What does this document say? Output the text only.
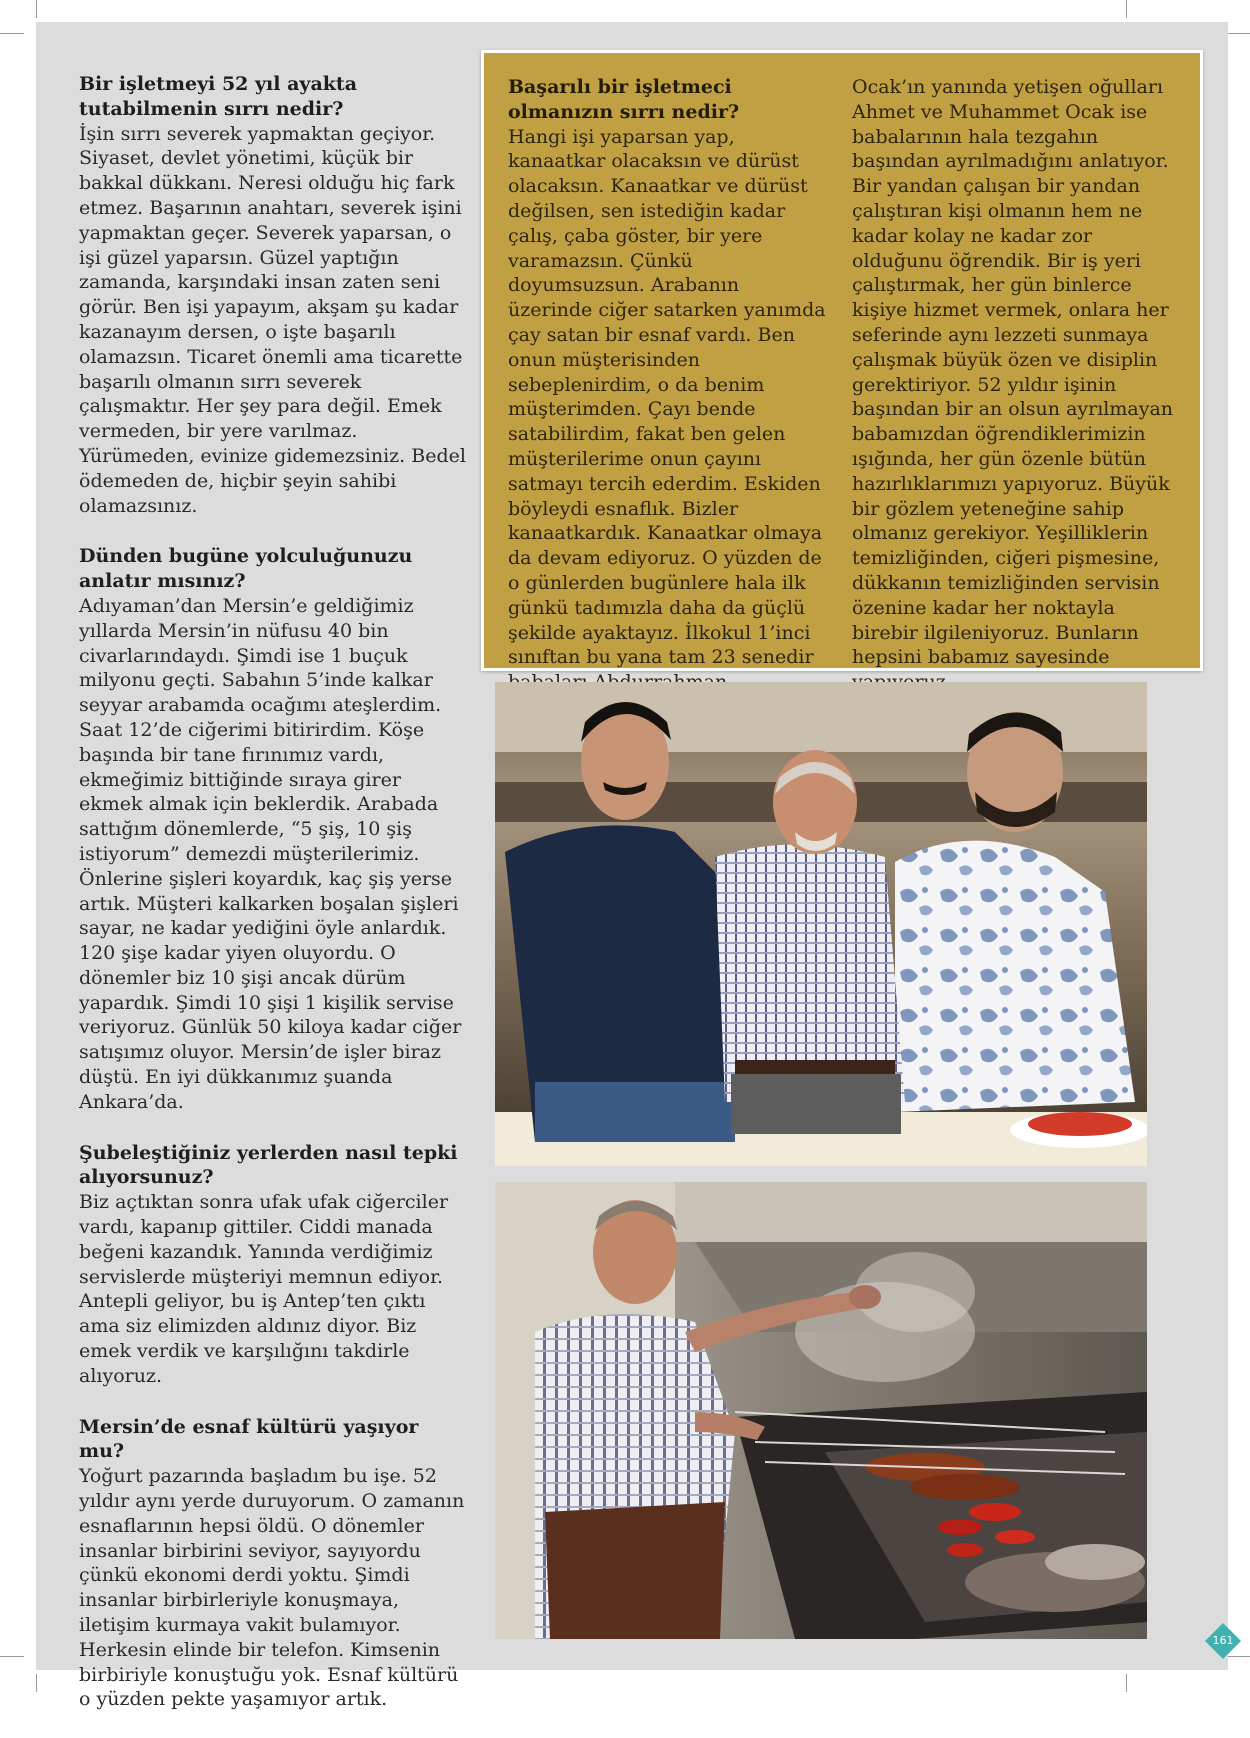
Bir işletmeyi 52 yıl ayakta tutabilmenin sırrı nedir?

İşin sırrı severek yapmaktan geçiyor. Siyaset, devlet yönetimi, küçük bir bakkal dükkanı. Neresi olduğu hiç fark etmez. Başarının anahtarı, severek işini yapmaktan geçer. Severek yaparsan, o işi güzel yaparsın. Güzel yaptığın zamanda, karşındaki insan zaten seni görür. Ben işi yapayım, akşam şu kadar kazanayım dersen, o işte başarılı olamazsın. Ticaret önemli ama ticarette başarılı olmanın sırrı severek çalışmaktır. Her şey para değil. Emek vermeden, bir yere varılmaz. Yürümeden, evinize gidemezsiniz. Bedel ödemeden de, hiçbir şeyin sahibi olamazsınız.

Dünden bugüne yolculuğunuzu anlatır mısınız?

Adıyaman’dan Mersin’e geldiğimiz yıllarda Mersin’in nüfusu 40 bin civarlarındaydı. Şimdi ise 1 buçuk milyonu geçti. Sabahın 5’inde kalkar seyyar arabamda ocağımı ateşlerdim. Saat 12’de ciğerimi bitirirdim. Köşe başında bir tane fırınımız vardı, ekmeğimiz bittiğinde sıraya girer ekmek almak için beklerdik. Arabada sattığım dönemlerde, “5 şiş, 10 şiş istiyorum” demezdi müşterilerimiz. Önlerine şişleri koyardık, kaç şiş yerse artık. Müşteri kalkarken boşalan şişleri sayar, ne kadar yediğini öyle anlardık. 120 şişe kadar yiyen oluyordu. O dönemler biz 10 şişi ancak dürüm yapardık. Şimdi 10 şişi 1 kişilik servise veriyoruz. Günlük 50 kiloya kadar ciğer satışımız oluyor. Mersin’de işler biraz düştü. En iyi dükkanımız şuanda Ankara’da.

Şubeleştiğiniz yerlerden nasıl tepki alıyorsunuz?

Biz açtıktan sonra ufak ufak ciğerciler vardı, kapanıp gittiler. Ciddi manada beğeni kazandık. Yanında verdiğimiz servislerde müşteriyi memnun ediyor. Antepli geliyor, bu iş Antep’ten çıktı ama siz elimizden aldınız diyor. Biz emek verdik ve karşılığını takdirle alıyoruz.

Mersin’de esnaf kültürü yaşıyor mu?

Yoğurt pazarında başladım bu işe. 52 yıldır aynı yerde duruyorum. O zamanın esnaflarının hepsi öldü. O dönemler insanlar birbirini seviyor, sayıyordu çünkü ekonomi derdi yoktu. Şimdi insanlar birbirleriyle konuşmaya, iletişim kurmaya vakit bulamıyor. Herkesin elinde bir telefon. Kimsenin birbiriyle konuştuğu yok. Esnaf kültürü o yüzden pekte yaşamıyor artık.

Başarılı bir işletmeci olmanızın sırrı nedir?

Hangi işi yaparsan yap, kanaatkar olacaksın ve dürüst olacaksın. Kanaatkar ve dürüst değilsen, sen istediğin kadar çalış, çaba göster, bir yere varamazsın. Çünkü doyumsuzsun. Arabanın üzerinde ciğer satarken yanımda çay satan bir esnaf vardı. Ben onun müşterisinden sebeplenirdim, o da benim müşterimden. Çayı bende satabilirdim, fakat ben gelen müşterilerime onun çayını satmayı tercih ederdim. Eskiden böyleydi esnaflık. Bizler kanaatkardık. Kanaatkar olmaya da devam ediyoruz. O yüzden de o günlerden bugünlere hala ilk günkü tadımızla daha da güçlü şekilde ayaktayız. İlkokul 1’inci sınıftan bu yana tam 23 senedir

Ocak’ın yanında yetişen oğulları Ahmet ve Muhammet Ocak ise babalarının hala tezgahın başından ayrılmadığını anlatıyor. Bir yandan çalışan bir yandan çalıştıran kişi olmanın hem ne kadar kolay ne kadar zor olduğunu öğrendik. Bir iş yeri çalıştırmak, her gün binlerce kişiye hizmet vermek, onlara her seferinde aynı lezzeti sunmaya çalışmak büyük özen ve disiplin gerektiriyor. 52 yıldır işinin başından bir an olsun ayrılmayan babamızdan öğrendiklerimizin ışığında, her gün özenle bütün hazırlıklarımızı yapıyoruz. Büyük bir gözlem yeteneğine sahip olmanız gerekiyor. Yeşilliklerin temizliğinden, ciğeri pişmesine, dükkanın temizliğinden servisin özenine kadar her noktayla birebir ilgileniyoruz. Bunların hepsini babamız sayesinde

161
